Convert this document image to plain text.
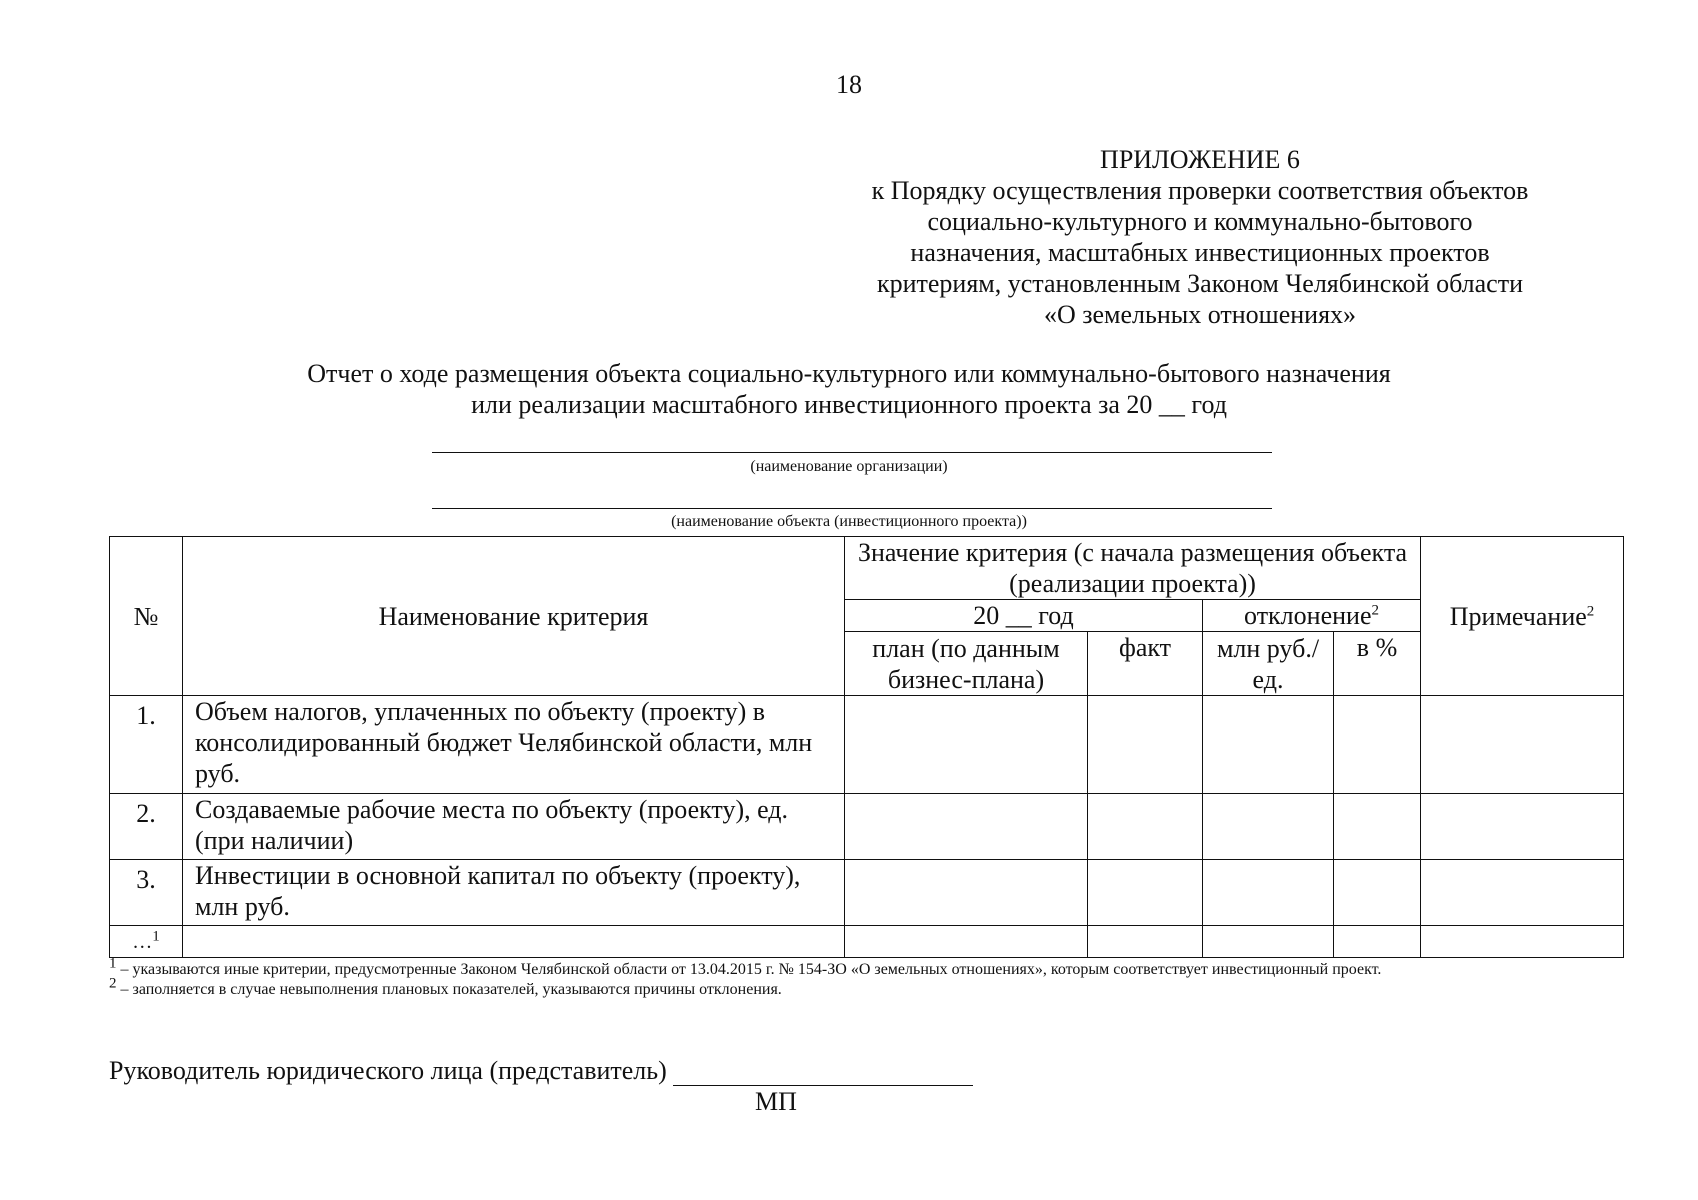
18
ПРИЛОЖЕНИЕ 6
к Порядку осуществления проверки соответствия объектов
социально-культурного и коммунально-бытового
назначения, масштабных инвестиционных проектов
критериям, установленным Законом Челябинской области
«О земельных отношениях»
Отчет о ходе размещения объекта социально-культурного или коммунально-бытового назначения
или реализации масштабного инвестиционного проекта за 20 __ год
(наименование организации)
(наименование объекта (инвестиционного проекта))
№	Наименование критерия	Значение критерия (с начала размещения объекта (реализации проекта))				Примечание$^2$
		20 __ год		отклонение$^2$
		план (по данным бизнес-плана)	факт	млн руб./ед.	в %	
1.	Объем налогов, уплаченных по объекту (проекту) в консолидированный бюджет Челябинской области, млн руб.					
2.	Создаваемые рабочие места по объекту (проекту), ед. (при наличии)					
3.	Инвестиции в основной капитал по объекту (проекту), млн руб.					
…$^1$						

1 – указываются иные критерии, предусмотренные Законом Челябинской области от 13.04.2015 г. № 154-ЗО «О земельных отношениях», которым соответствует инвестиционный проект.

2 – заполняется в случае невыполнения плановых показателей, указываются причины отклонения.

Руководитель юридического лица (представитель)
МП
